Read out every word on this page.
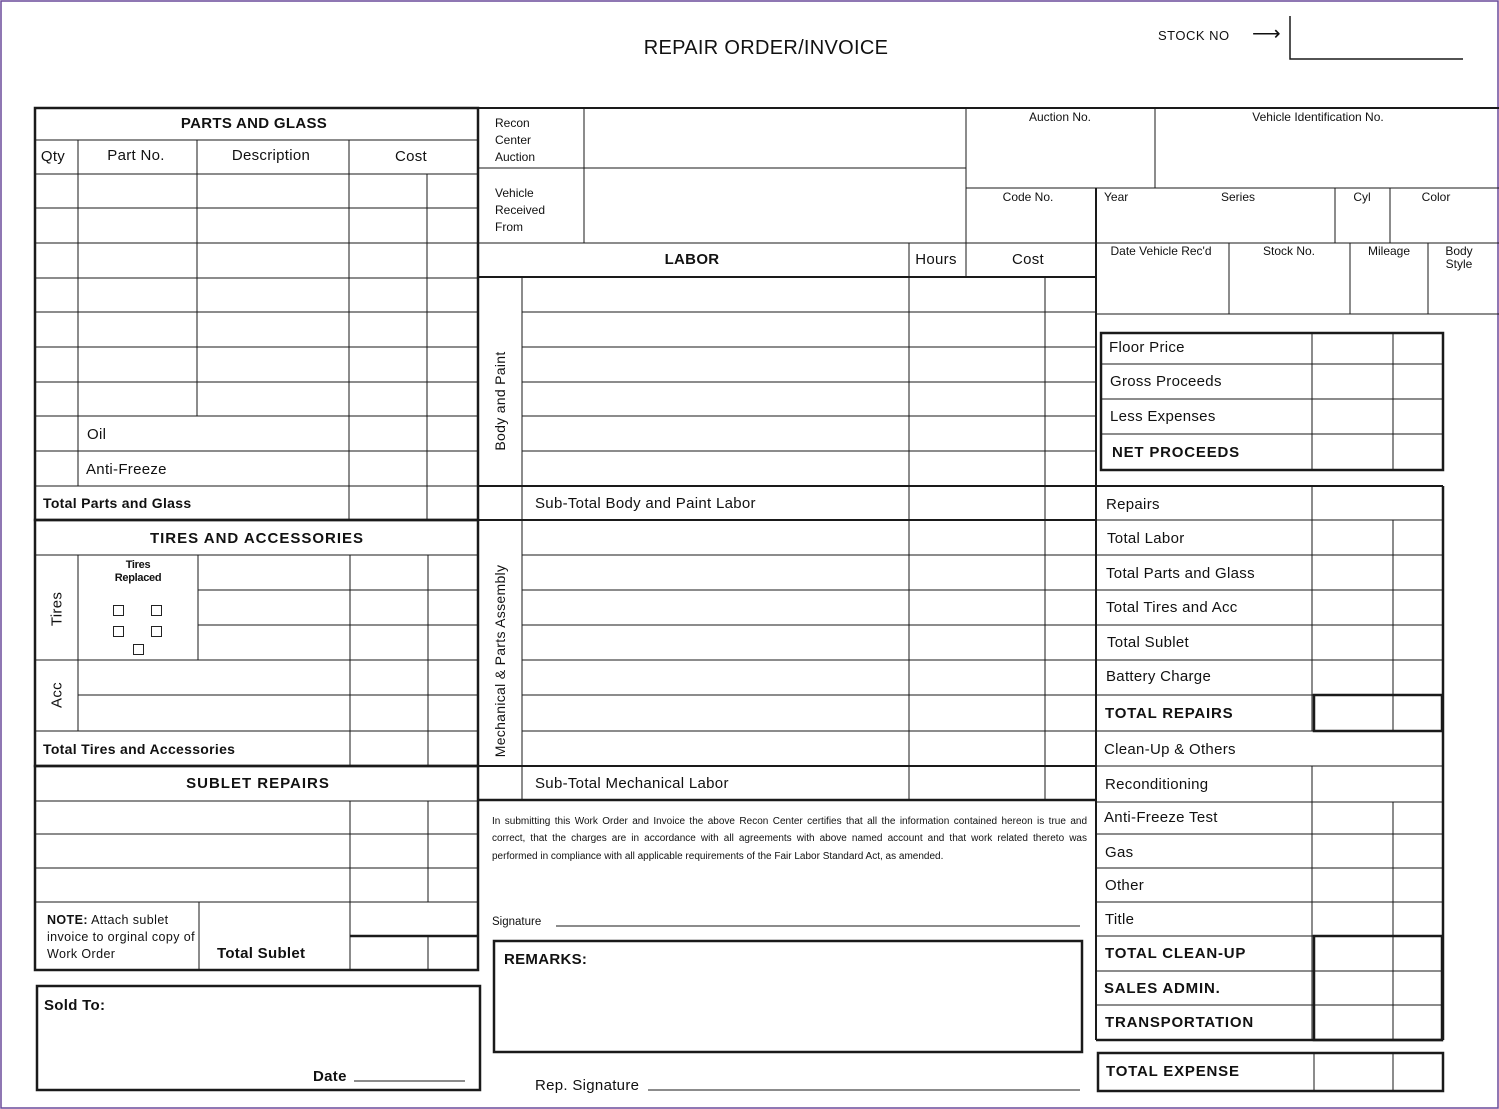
REPAIR ORDER/INVOICE
STOCK NO ⟶
PARTS AND GLASS
Qty	Part No.	Description	Cost
Oil
Anti-Freeze
Total Parts and Glass
TIRES AND ACCESSORIES
Tires
Tires
Replaced
Acc
Total Tires and Accessories
SUBLET REPAIRS
NOTE: Attach sublet invoice to orginal copy of Work Order	Total Sublet
Sold To:
Date
Recon
Center
Auction
Vehicle
Received
From
LABOR	Hours	Cost
Body and Paint
Sub-Total Body and Paint Labor
Mechanical & Parts Assembly
Sub-Total Mechanical Labor
In submitting this Work Order and Invoice the above Recon Center certifies that all the information contained hereon is true and correct, that the charges are in accordance with all agreements with above named account and that work related thereto was performed in compliance with all applicable requirements of the Fair Labor Standard Act, as amended.
Signature
REMARKS:
Rep. Signature
Auction No.	Vehicle Identification No.
Code No.	Year	Series	Cyl	Color
Date Vehicle Rec'd	Stock No.	Mileage	Body
Style
Floor Price
Gross Proceeds
Less Expenses
NET PROCEEDS
Repairs
Total Labor
Total Parts and Glass
Total Tires and Acc
Total Sublet
Battery Charge
TOTAL REPAIRS
Clean-Up & Others
Reconditioning
Anti-Freeze Test
Gas
Other
Title
TOTAL CLEAN-UP
SALES ADMIN.
TRANSPORTATION
TOTAL EXPENSE
